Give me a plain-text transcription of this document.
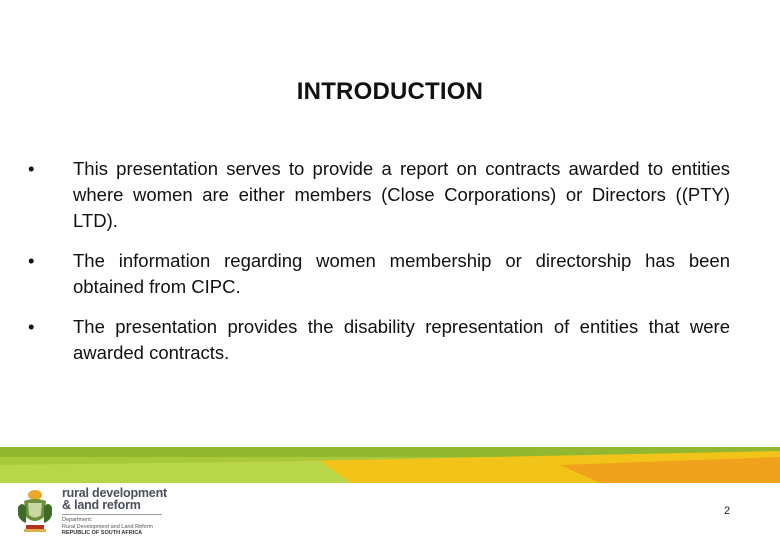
INTRODUCTION
•	This presentation serves to provide a report on contracts awarded to entities where women are either members (Close Corporations) or Directors ((PTY) LTD).
•	The information regarding women membership or directorship has been obtained from CIPC.
•	The presentation provides the disability representation of entities that were awarded contracts.
rural development
& land reform
Department:
Rural Development and Land Reform
REPUBLIC OF SOUTH AFRICA
2
